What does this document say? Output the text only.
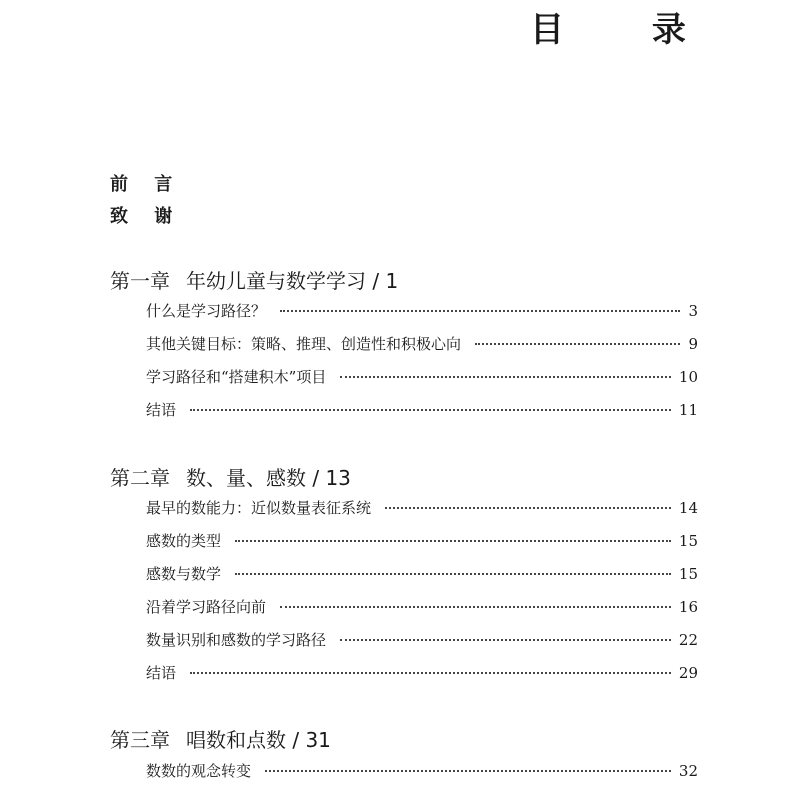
目 录
前 言
致 谢
第一章 年幼儿童与数学学习 / 1
什么是学习路径？	3
其他关键目标：策略、推理、创造性和积极心向	9
学习路径和“搭建积木”项目	10
结语	11
第二章 数、量、感数 / 13
最早的数能力：近似数量表征系统	14
感数的类型	15
感数与数学	15
沿着学习路径向前	16
数量识别和感数的学习路径	22
结语	29
第三章 唱数和点数 / 31
数数的观念转变	32
